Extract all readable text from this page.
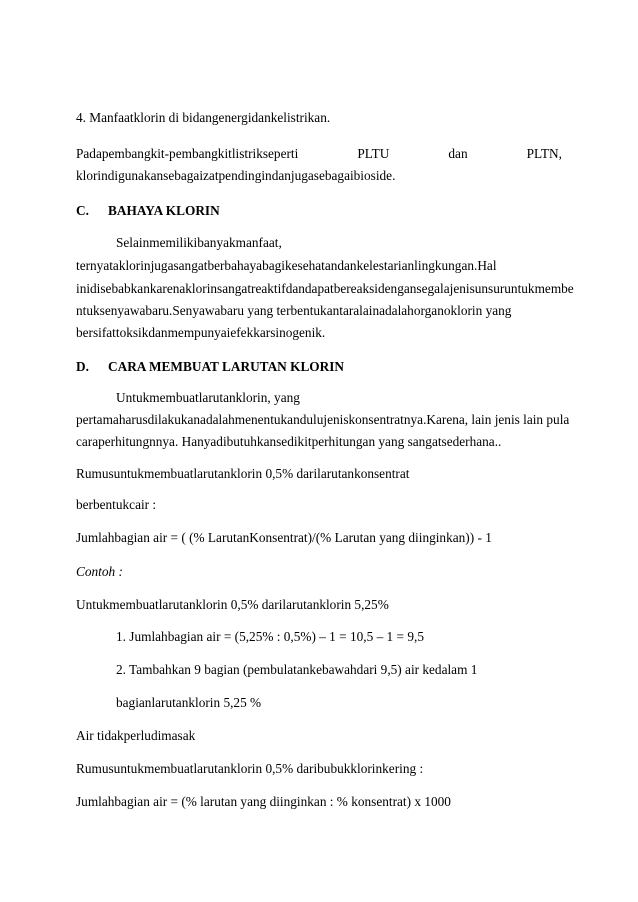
4. Manfaatklorin di bidangenergidankelistrikan.
Padapembangkit-pembangkitlistrikseperti	PLTU	dan	PLTN,
klorindigunakansebagaizatpendingindanjugasebagaibioside.
C. BAHAYA KLORIN
Selainmemilikibanyakmanfaat,
ternyataklorinjugasangatberbahayabagikesehatandankelestarianlingkungan.Hal
inidisebabkankarenaklorinsangatreaktifdandapatbereaksidengansegalajenisunsuruntukmembe
ntuksenyawabaru.Senyawabaru yang terbentukantaralainadalahorganoklorin yang
bersifattoksikdanmempunyaiefekkarsinogenik.
D. CARA MEMBUAT LARUTAN KLORIN
Untukmembuatlarutanklorin, yang
pertamaharusdilakukanadalahmenentukandulujeniskonsentratnya.Karena, lain jenis lain pula
caraperhitungnnya. Hanyadibutuhkansedikitperhitungan yang sangatsederhana..
Rumusuntukmembuatlarutanklorin 0,5% darilarutankonsentrat
berbentukcair :
Jumlahbagian air = ( (% LarutanKonsentrat)/(% Larutan yang diinginkan)) - 1
Contoh :
Untukmembuatlarutanklorin 0,5% darilarutanklorin 5,25%
1. Jumlahbagian air = (5,25% : 0,5%) – 1 = 10,5 – 1 = 9,5
2. Tambahkan 9 bagian (pembulatankebawahdari 9,5) air kedalam 1
bagianlarutanklorin 5,25 %
Air tidakperludimasak
Rumusuntukmembuatlarutanklorin 0,5% daribubukklorinkering :
Jumlahbagian air = (% larutan yang diinginkan : % konsentrat) x 1000
